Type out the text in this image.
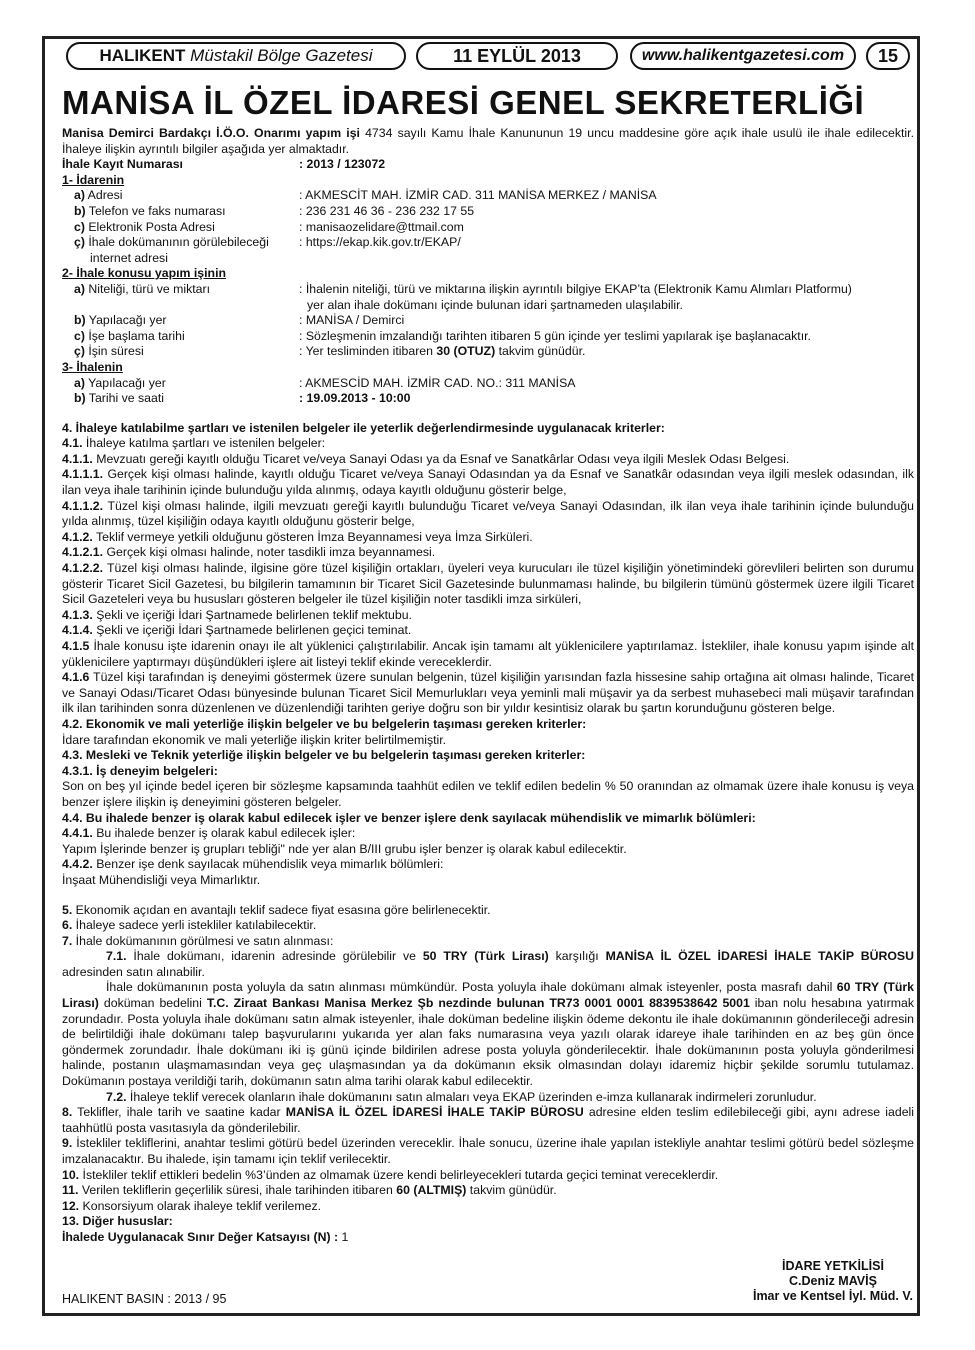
HALIKENT
Müstakil Bölge Gazetesi	11 EYLÜL 2013	www.halikentgazetesi.com	15
MANİSA İL ÖZEL İDARESİ GENEL SEKRETERLİĞİ

Manisa Demirci Bardakçı İ.Ö.O. Onarımı yapım işi 4734 sayılı Kamu İhale Kanununun 19 uncu maddesine göre açık ihale usulü ile ihale edilecektir. İhaleye ilişkin ayrıntılı bilgiler aşağıda yer almaktadır.

İhale Kayıt Numarası	: 2013 / 123072
1- İdarenin
a) Adresi	: AKMESCİT MAH. İZMİR CAD. 311 MANİSA MERKEZ / MANİSA
b) Telefon ve faks numarası	: 236 231 46 36 - 236 232 17 55
c) Elektronik Posta Adresi	: manisaozelidare@ttmail.com
ç) İhale dokümanının görülebileceği	: https://ekap.kik.gov.tr/EKAP/
internet adresi
2- İhale konusu yapım işinin
a) Niteliği, türü ve miktarı	: İhalenin niteliği, türü ve miktarına ilişkin ayrıntılı bilgiye EKAP’ta (Elektronik Kamu Alımları Platformu)
yer alan ihale dokümanı içinde bulunan idari şartnameden ulaşılabilir.
b) Yapılacağı yer	: MANİSA / Demirci
c) İşe başlama tarihi	: Sözleşmenin imzalandığı tarihten itibaren 5 gün içinde yer teslimi yapılarak işe başlanacaktır.
ç) İşin süresi	: Yer tesliminden itibaren 30 (OTUZ) takvim günüdür.
3- İhalenin
a) Yapılacağı yer	: AKMESCİD MAH. İZMİR CAD. NO.: 311 MANİSA
b) Tarihi ve saati	: 19.09.2013 - 10:00

4. İhaleye katılabilme şartları ve istenilen belgeler ile yeterlik değerlendirmesinde uygulanacak kriterler:

4.1. İhaleye katılma şartları ve istenilen belgeler:

4.1.1. Mevzuatı gereği kayıtlı olduğu Ticaret ve/veya Sanayi Odası ya da Esnaf ve Sanatkârlar Odası veya ilgili Meslek Odası Belgesi.

4.1.1.1. Gerçek kişi olması halinde, kayıtlı olduğu Ticaret ve/veya Sanayi Odasından ya da Esnaf ve Sanatkâr odasından veya ilgili meslek odasından, ilk ilan veya ihale tarihinin içinde bulunduğu yılda alınmış, odaya kayıtlı olduğunu gösterir belge,

4.1.1.2. Tüzel kişi olması halinde, ilgili mevzuatı gereği kayıtlı bulunduğu Ticaret ve/veya Sanayi Odasından, ilk ilan veya ihale tarihinin içinde bulunduğu yılda alınmış, tüzel kişiliğin odaya kayıtlı olduğunu gösterir belge,

4.1.2. Teklif vermeye yetkili olduğunu gösteren İmza Beyannamesi veya İmza Sirküleri.

4.1.2.1. Gerçek kişi olması halinde, noter tasdikli imza beyannamesi.

4.1.2.2. Tüzel kişi olması halinde, ilgisine göre tüzel kişiliğin ortakları, üyeleri veya kurucuları ile tüzel kişiliğin yönetimindeki görevlileri belirten son durumu gösterir Ticaret Sicil Gazetesi, bu bilgilerin tamamının bir Ticaret Sicil Gazetesinde bulunmaması halinde, bu bilgilerin tümünü göstermek üzere ilgili Ticaret Sicil Gazeteleri veya bu hususları gösteren belgeler ile tüzel kişiliğin noter tasdikli imza sirküleri,

4.1.3. Şekli ve içeriği İdari Şartnamede belirlenen teklif mektubu.

4.1.4. Şekli ve içeriği İdari Şartnamede belirlenen geçici teminat.

4.1.5 İhale konusu işte idarenin onayı ile alt yüklenici çalıştırılabilir. Ancak işin tamamı alt yüklenicilere yaptırılamaz. İstekliler, ihale konusu yapım işinde alt yüklenicilere yaptırmayı düşündükleri işlere ait listeyi teklif ekinde vereceklerdir.

4.1.6 Tüzel kişi tarafından iş deneyimi göstermek üzere sunulan belgenin, tüzel kişiliğin yarısından fazla hissesine sahip ortağına ait olması halinde, Ticaret ve Sanayi Odası/Ticaret Odası bünyesinde bulunan Ticaret Sicil Memurlukları veya yeminli mali müşavir ya da serbest muhasebeci mali müşavir tarafından ilk ilan tarihinden sonra düzenlenen ve düzenlendiği tarihten geriye doğru son bir yıldır kesintisiz olarak bu şartın korunduğunu gösteren belge.

4.2. Ekonomik ve mali yeterliğe ilişkin belgeler ve bu belgelerin taşıması gereken kriterler:

İdare tarafından ekonomik ve mali yeterliğe ilişkin kriter belirtilmemiştir.

4.3. Mesleki ve Teknik yeterliğe ilişkin belgeler ve bu belgelerin taşıması gereken kriterler:

4.3.1. İş deneyim belgeleri:

Son on beş yıl içinde bedel içeren bir sözleşme kapsamında taahhüt edilen ve teklif edilen bedelin % 50 oranından az olmamak üzere ihale konusu iş veya benzer işlere ilişkin iş deneyimini gösteren belgeler.

4.4. Bu ihalede benzer iş olarak kabul edilecek işler ve benzer işlere denk sayılacak mühendislik ve mimarlık bölümleri:

4.4.1. Bu ihalede benzer iş olarak kabul edilecek işler:

Yapım İşlerinde benzer iş grupları tebliği" nde yer alan B/III grubu işler benzer iş olarak kabul edilecektir.

4.4.2. Benzer işe denk sayılacak mühendislik veya mimarlık bölümleri:

İnşaat Mühendisliği veya Mimarlıktır.

5. Ekonomik açıdan en avantajlı teklif sadece fiyat esasına göre belirlenecektir.

6. İhaleye sadece yerli istekliler katılabilecektir.

7. İhale dokümanının görülmesi ve satın alınması:

7.1. İhale dokümanı, idarenin adresinde görülebilir ve 50 TRY (Türk Lirası) karşılığı MANİSA İL ÖZEL İDARESİ İHALE TAKİP BÜROSU adresinden satın alınabilir.

İhale dokümanının posta yoluyla da satın alınması mümkündür. Posta yoluyla ihale dokümanı almak isteyenler, posta masrafı dahil 60 TRY (Türk Lirası) doküman bedelini T.C. Ziraat Bankası Manisa Merkez Şb nezdinde bulunan TR73 0001 0001 8839538642 5001 iban nolu hesabına yatırmak zorundadır. Posta yoluyla ihale dokümanı satın almak isteyenler, ihale doküman bedeline ilişkin ödeme dekontu ile ihale dokümanının gönderileceği adresin de belirtildiği ihale dokümanı talep başvurularını yukarıda yer alan faks numarasına veya yazılı olarak idareye ihale tarihinden en az beş gün önce göndermek zorundadır. İhale dokümanı iki iş günü içinde bildirilen adrese posta yoluyla gönderilecektir. İhale dokümanının posta yoluyla gönderilmesi halinde, postanın ulaşmamasından veya geç ulaşmasından ya da dokümanın eksik olmasından dolayı idaremiz hiçbir şekilde sorumlu tutulamaz. Dokümanın postaya verildiği tarih, dokümanın satın alma tarihi olarak kabul edilecektir.

7.2. İhaleye teklif verecek olanların ihale dokümanını satın almaları veya EKAP üzerinden e-imza kullanarak indirmeleri zorunludur.

8. Teklifler, ihale tarih ve saatine kadar MANİSA İL ÖZEL İDARESİ İHALE TAKİP BÜROSU adresine elden teslim edilebileceği gibi, aynı adrese iadeli taahhütlü posta vasıtasıyla da gönderilebilir.

9. İstekliler tekliflerini, anahtar teslimi götürü bedel üzerinden vereceklir. İhale sonucu, üzerine ihale yapılan istekliyle anahtar teslimi götürü bedel sözleşme imzalanacaktır. Bu ihalede, işin tamamı için teklif verilecektir.

10. İstekliler teklif ettikleri bedelin %3’ünden az olmamak üzere kendi belirleyecekleri tutarda geçici teminat vereceklerdir.

11. Verilen tekliflerin geçerlilik süresi, ihale tarihinden itibaren 60 (ALTMIŞ) takvim günüdür.

12. Konsorsiyum olarak ihaleye teklif verilemez.

13. Diğer hususlar:

İhalede Uygulanacak Sınır Değer Katsayısı (N) : 1

İDARE YETKİLİSİ
C.Deniz MAVİŞ
İmar ve Kentsel İyl. Müd. V.
HALIKENT BASIN : 2013 / 95
